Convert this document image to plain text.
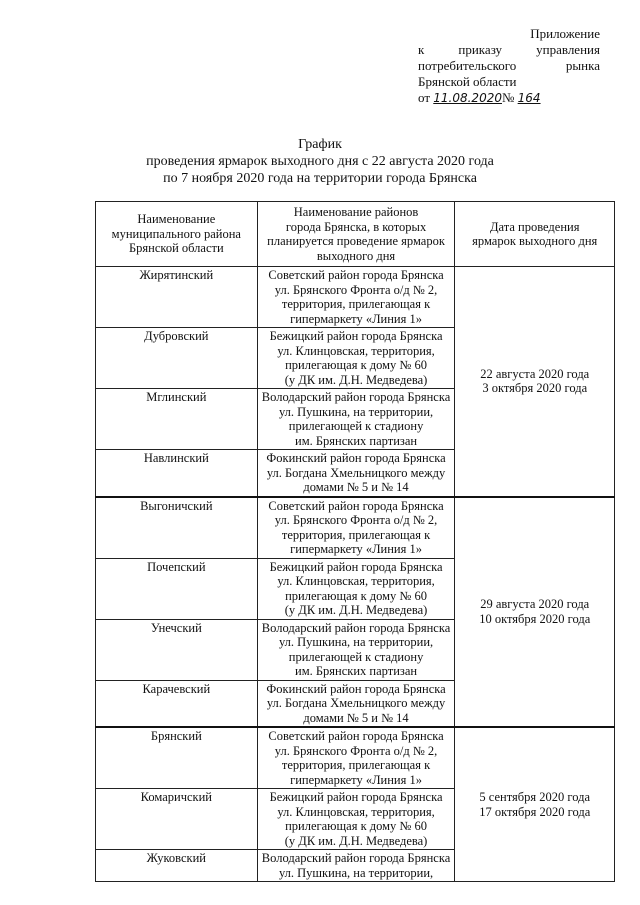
Приложение
к	приказу	управления
потребительского	рынка
Брянской области
от 11.08.2020№ 164
График
проведения ярмарок выходного дня с 22 августа 2020 года
по 7 ноября 2020 года на территории города Брянска
Наименование
муниципального района
Брянской области	Наименование районов
города Брянска, в которых
планируется проведение ярмарок
выходного дня	Дата проведения
ярмарок выходного дня

Жирятинский	Советский район города Брянска
ул. Брянского Фронта о/д № 2,
территория, прилегающая к
гипермаркету «Линия 1»	22 августа 2020 года
3 октября 2020 года

Дубровский	Бежицкий район города Брянска
ул. Клинцовская, территория,
прилегающая к дому № 60
(у ДК им. Д.Н. Медведева)	

Мглинский	Володарский район города Брянска
ул. Пушкина, на территории,
прилегающей к стадиону
им. Брянских партизан	

Навлинский	Фокинский район города Брянска
ул. Богдана Хмельницкого между
домами № 5 и № 14	

Выгоничский	Советский район города Брянска
ул. Брянского Фронта о/д № 2,
территория, прилегающая к
гипермаркету «Линия 1»	29 августа 2020 года
10 октября 2020 года

Почепский	Бежицкий район города Брянска
ул. Клинцовская, территория,
прилегающая к дому № 60
(у ДК им. Д.Н. Медведева)	

Унечский	Володарский район города Брянска
ул. Пушкина, на территории,
прилегающей к стадиону
им. Брянских партизан	

Карачевский	Фокинский район города Брянска
ул. Богдана Хмельницкого между
домами № 5 и № 14	

Брянский	Советский район города Брянска
ул. Брянского Фронта о/д № 2,
территория, прилегающая к
гипермаркету «Линия 1»	5 сентября 2020 года
17 октября 2020 года

Комаричский	Бежицкий район города Брянска
ул. Клинцовская, территория,
прилегающая к дому № 60
(у ДК им. Д.Н. Медведева)	

Жуковский	Володарский район города Брянска
ул. Пушкина, на территории,	
